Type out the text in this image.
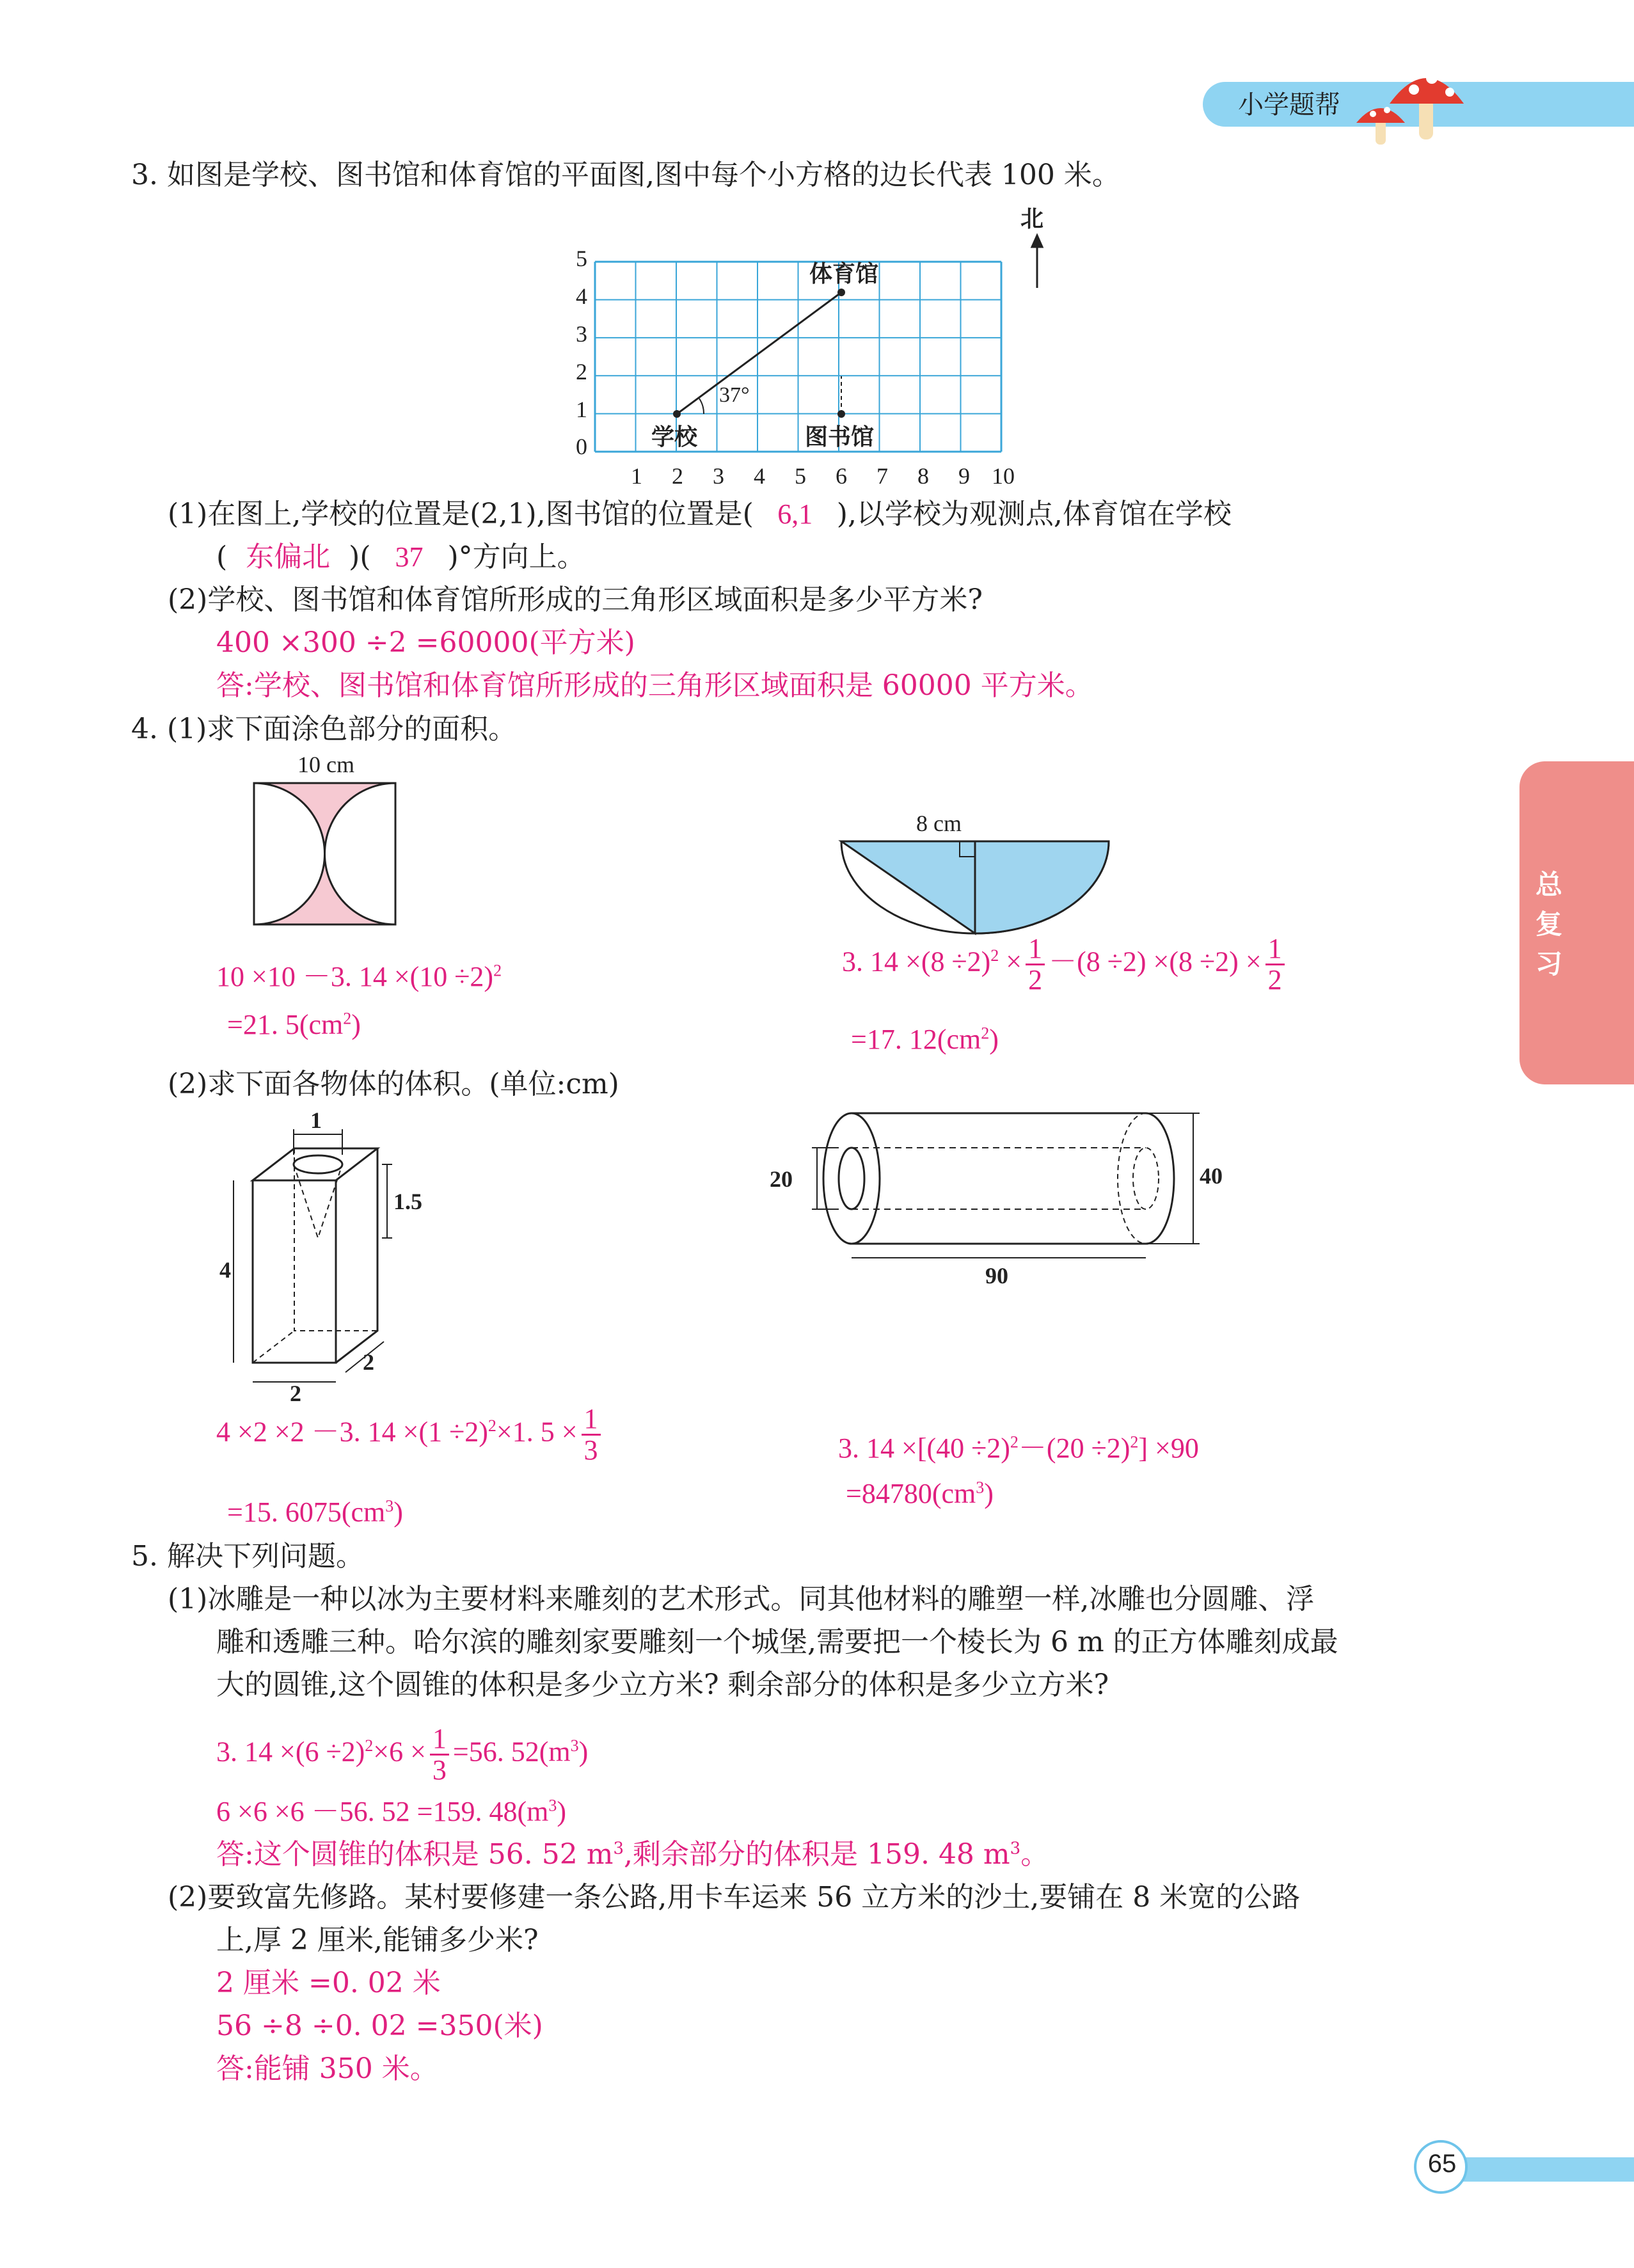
小学题帮
总
复
习
65
3. 如图是学校、图书馆和体育馆的平面图,图中每个小方格的边长代表 100 米。
0
1
2
3
4
5
1 2 3 4 5 6 7 8 9 10
37°
体育馆
学校	图书馆
北
(1)在图上,学校的位置是(2,1),图书馆的位置是( 6,1 ),以学校为观测点,体育馆在学校
( 东偏北 )( 37 )°方向上。
(2)学校、图书馆和体育馆所形成的三角形区域面积是多少平方米?
400 ×300 ÷2 =60000(平方米)
答:学校、图书馆和体育馆所形成的三角形区域面积是 60000 平方米。
4. (1)求下面涂色部分的面积。
10 cm
10 ×10 －3. $14 \times(10 \div 2)^2$
=21. $5(cm^2)$
8 cm
3. $14 \times(8 \div 2)^2 \times \frac{1}{2} -(8 \div 2) \times(8 \div 2) \times \frac{1}{2}$
=17. $12(cm^2)$
(2)求下面各物体的体积。(单位:cm)
1
1.5
4
2
2
20	40
90
4 ×2 ×2 －3. $14 \times(1 \div 2)^2\times 1$. $5 \times \frac{1}{3}$
=15. $6075(cm^3)$
3. $14 \times[(40 \div 2)^2-(20 \div 2)^2] \times 90$
$=84780(cm^3)$
5. 解决下列问题。
(1)冰雕是一种以冰为主要材料来雕刻的艺术形式。同其他材料的雕塑一样,冰雕也分圆雕、浮
雕和透雕三种。哈尔滨的雕刻家要雕刻一个城堡,需要把一个棱长为 6 m 的正方体雕刻成最
大的圆锥,这个圆锥的体积是多少立方米? 剩余部分的体积是多少立方米?
3. $14 \times(6 \div 2)^2\times 6 \times \frac{1}{3} =56$. $52(m^3)$
6 ×6 ×6 －56. 52 =159. $48(m^3)$
答:这个圆锥的体积是 56. 52 $m^3$,剩余部分的体积是 159. 48 $m^3$。
(2)要致富先修路。某村要修建一条公路,用卡车运来 56 立方米的沙土,要铺在 8 米宽的公路
上,厚 2 厘米,能铺多少米?
2 厘米 =0. 02 米
56 ÷8 ÷0. 02 =350(米)
答:能铺 350 米。
